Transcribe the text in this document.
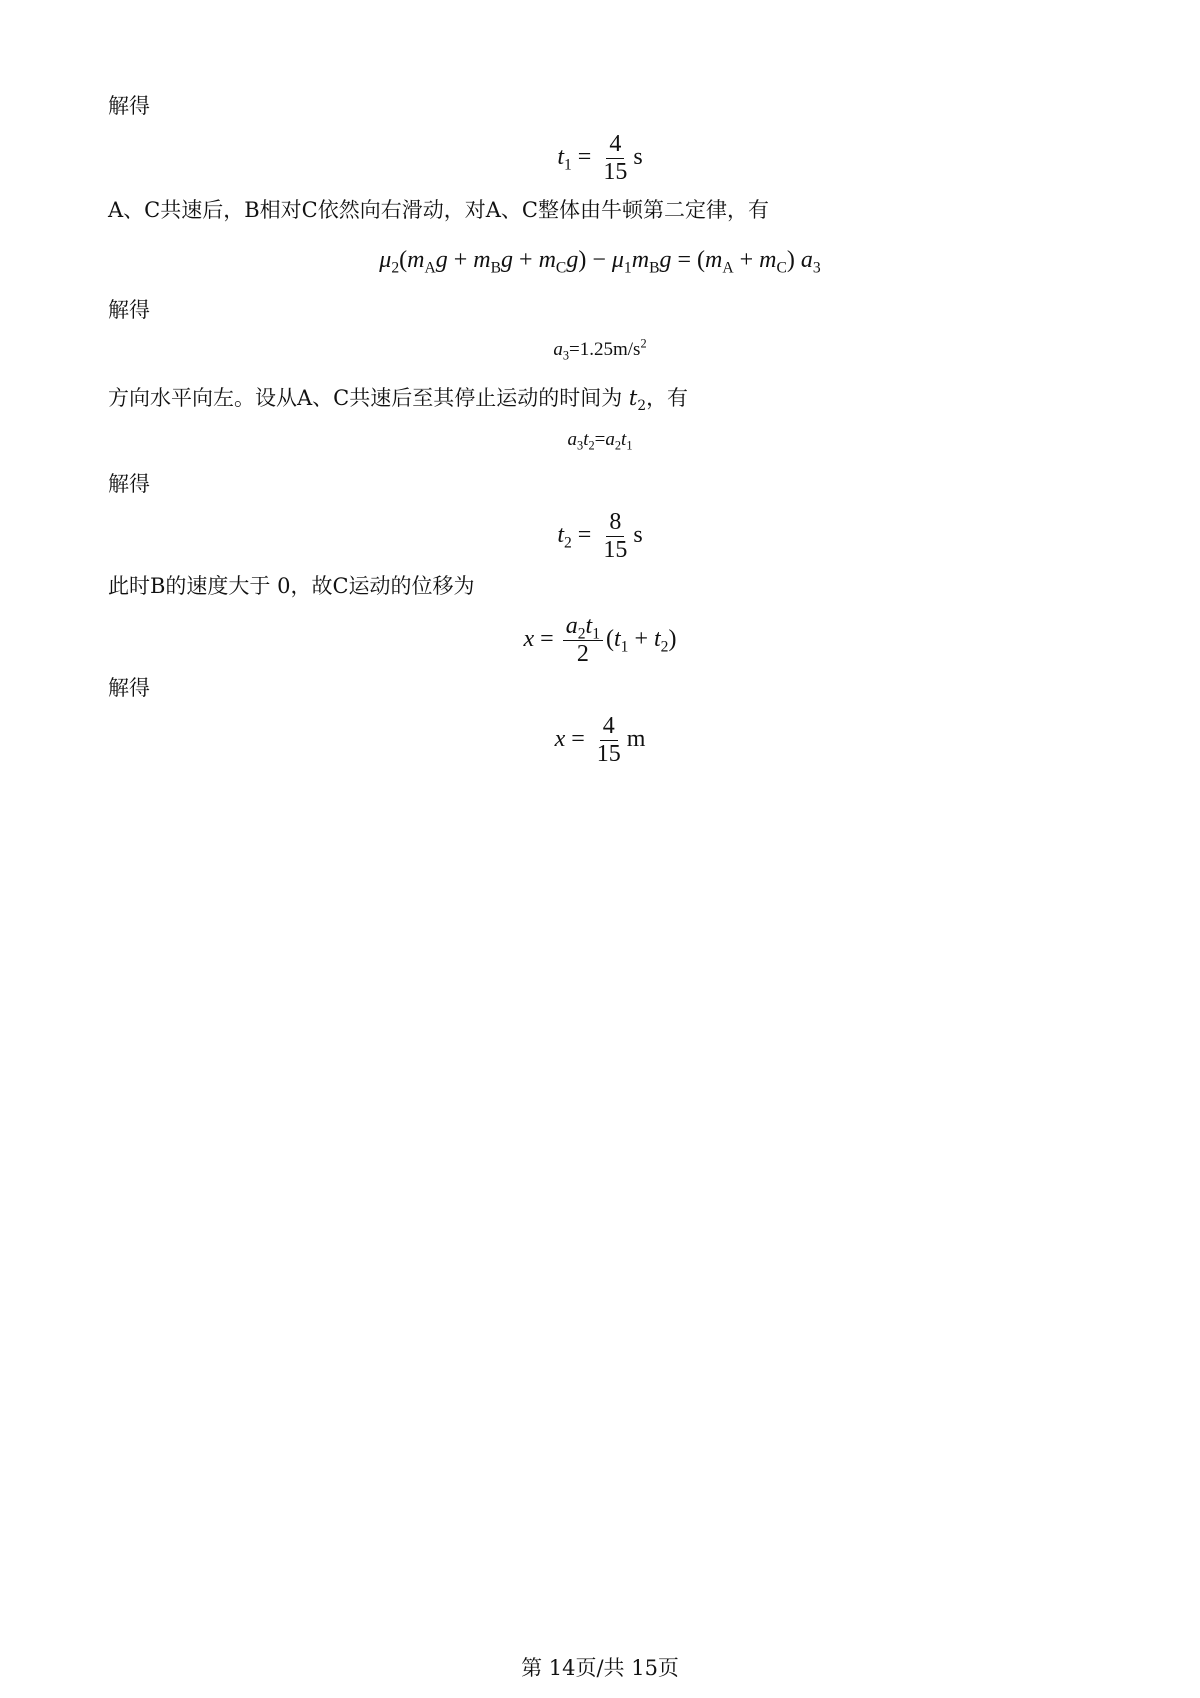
解得
$t_1 = \frac{4}{15}$ s
A、C共速后，B相对C依然向右滑动，对A、C整体由牛顿第二定律，有
$\mu_2(m_Ag + m_Bg + m_Cg) - \mu_1m_Bg = (m_A + m_C)$ $a_3$
解得
$a_3=1.25m/s^2$
方向水平向左。设从A、C共速后至其停止运动的时间为 $t_2$，有
$a_3t_2=a_2t_1$
解得
$t_2 = \frac{8}{15}$ s
此时B的速度大于 0，故C运动的位移为
$x = \frac{a_2t_1}{2} (t_1 + t_2)$
解得
$x = \frac{4}{15}$ m
第 14页/共 15页
